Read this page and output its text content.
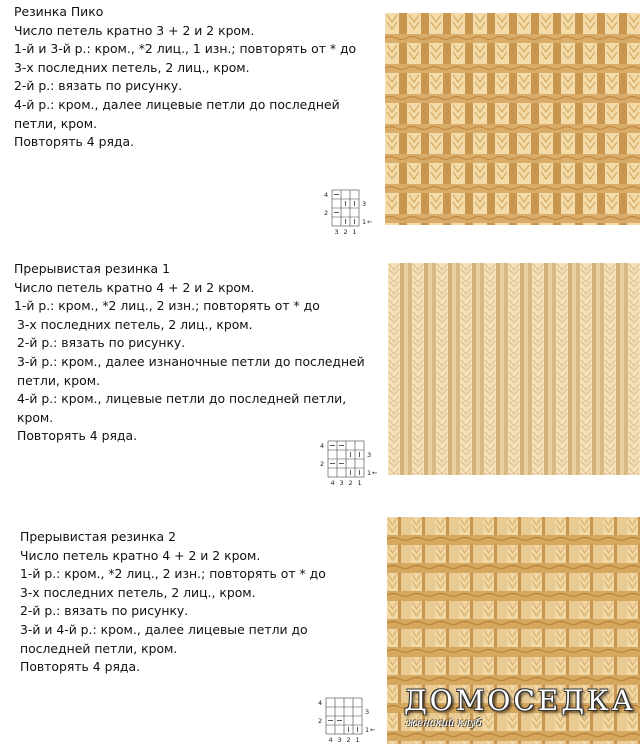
Резинка Пико
Число петель кратно 3 + 2 и 2 кром.
1-й и 3-й р.: кром., *2 лиц., 1 изн.; повторять от * до
3-х последних петель, 2 лиц., кром.
2-й р.: вязать по рисунку.
4-й р.: кром., далее лицевые петли до последней
петли, кром.
Повторять 4 ряда.
4
2
3
1 ←
3 2 1
Прерывистая резинка 1
Число петель кратно 4 + 2 и 2 кром.
1-й р.: кром., *2 лиц., 2 изн.; повторять от * до
3-х последних петель, 2 лиц., кром.
2-й р.: вязать по рисунку.
3-й р.: кром., далее изнаночные петли до последней
петли, кром.
4-й р.: кром., лицевые петли до последней петли,
кром.
Повторять 4 ряда.
4
2
3
1 ←
4 3 2 1
Прерывистая резинка 2
Число петель кратно 4 + 2 и 2 кром.
1-й р.: кром., *2 лиц., 2 изн.; повторять от * до
3-х последних петель, 2 лиц., кром.
2-й р.: вязать по рисунку.
3-й и 4-й р.: кром., далее лицевые петли до
последней петли, кром.
Повторять 4 ряда.
4
2
3
1 ←
4 3 2 1
ДОМОСЕДКА
женский клуб
